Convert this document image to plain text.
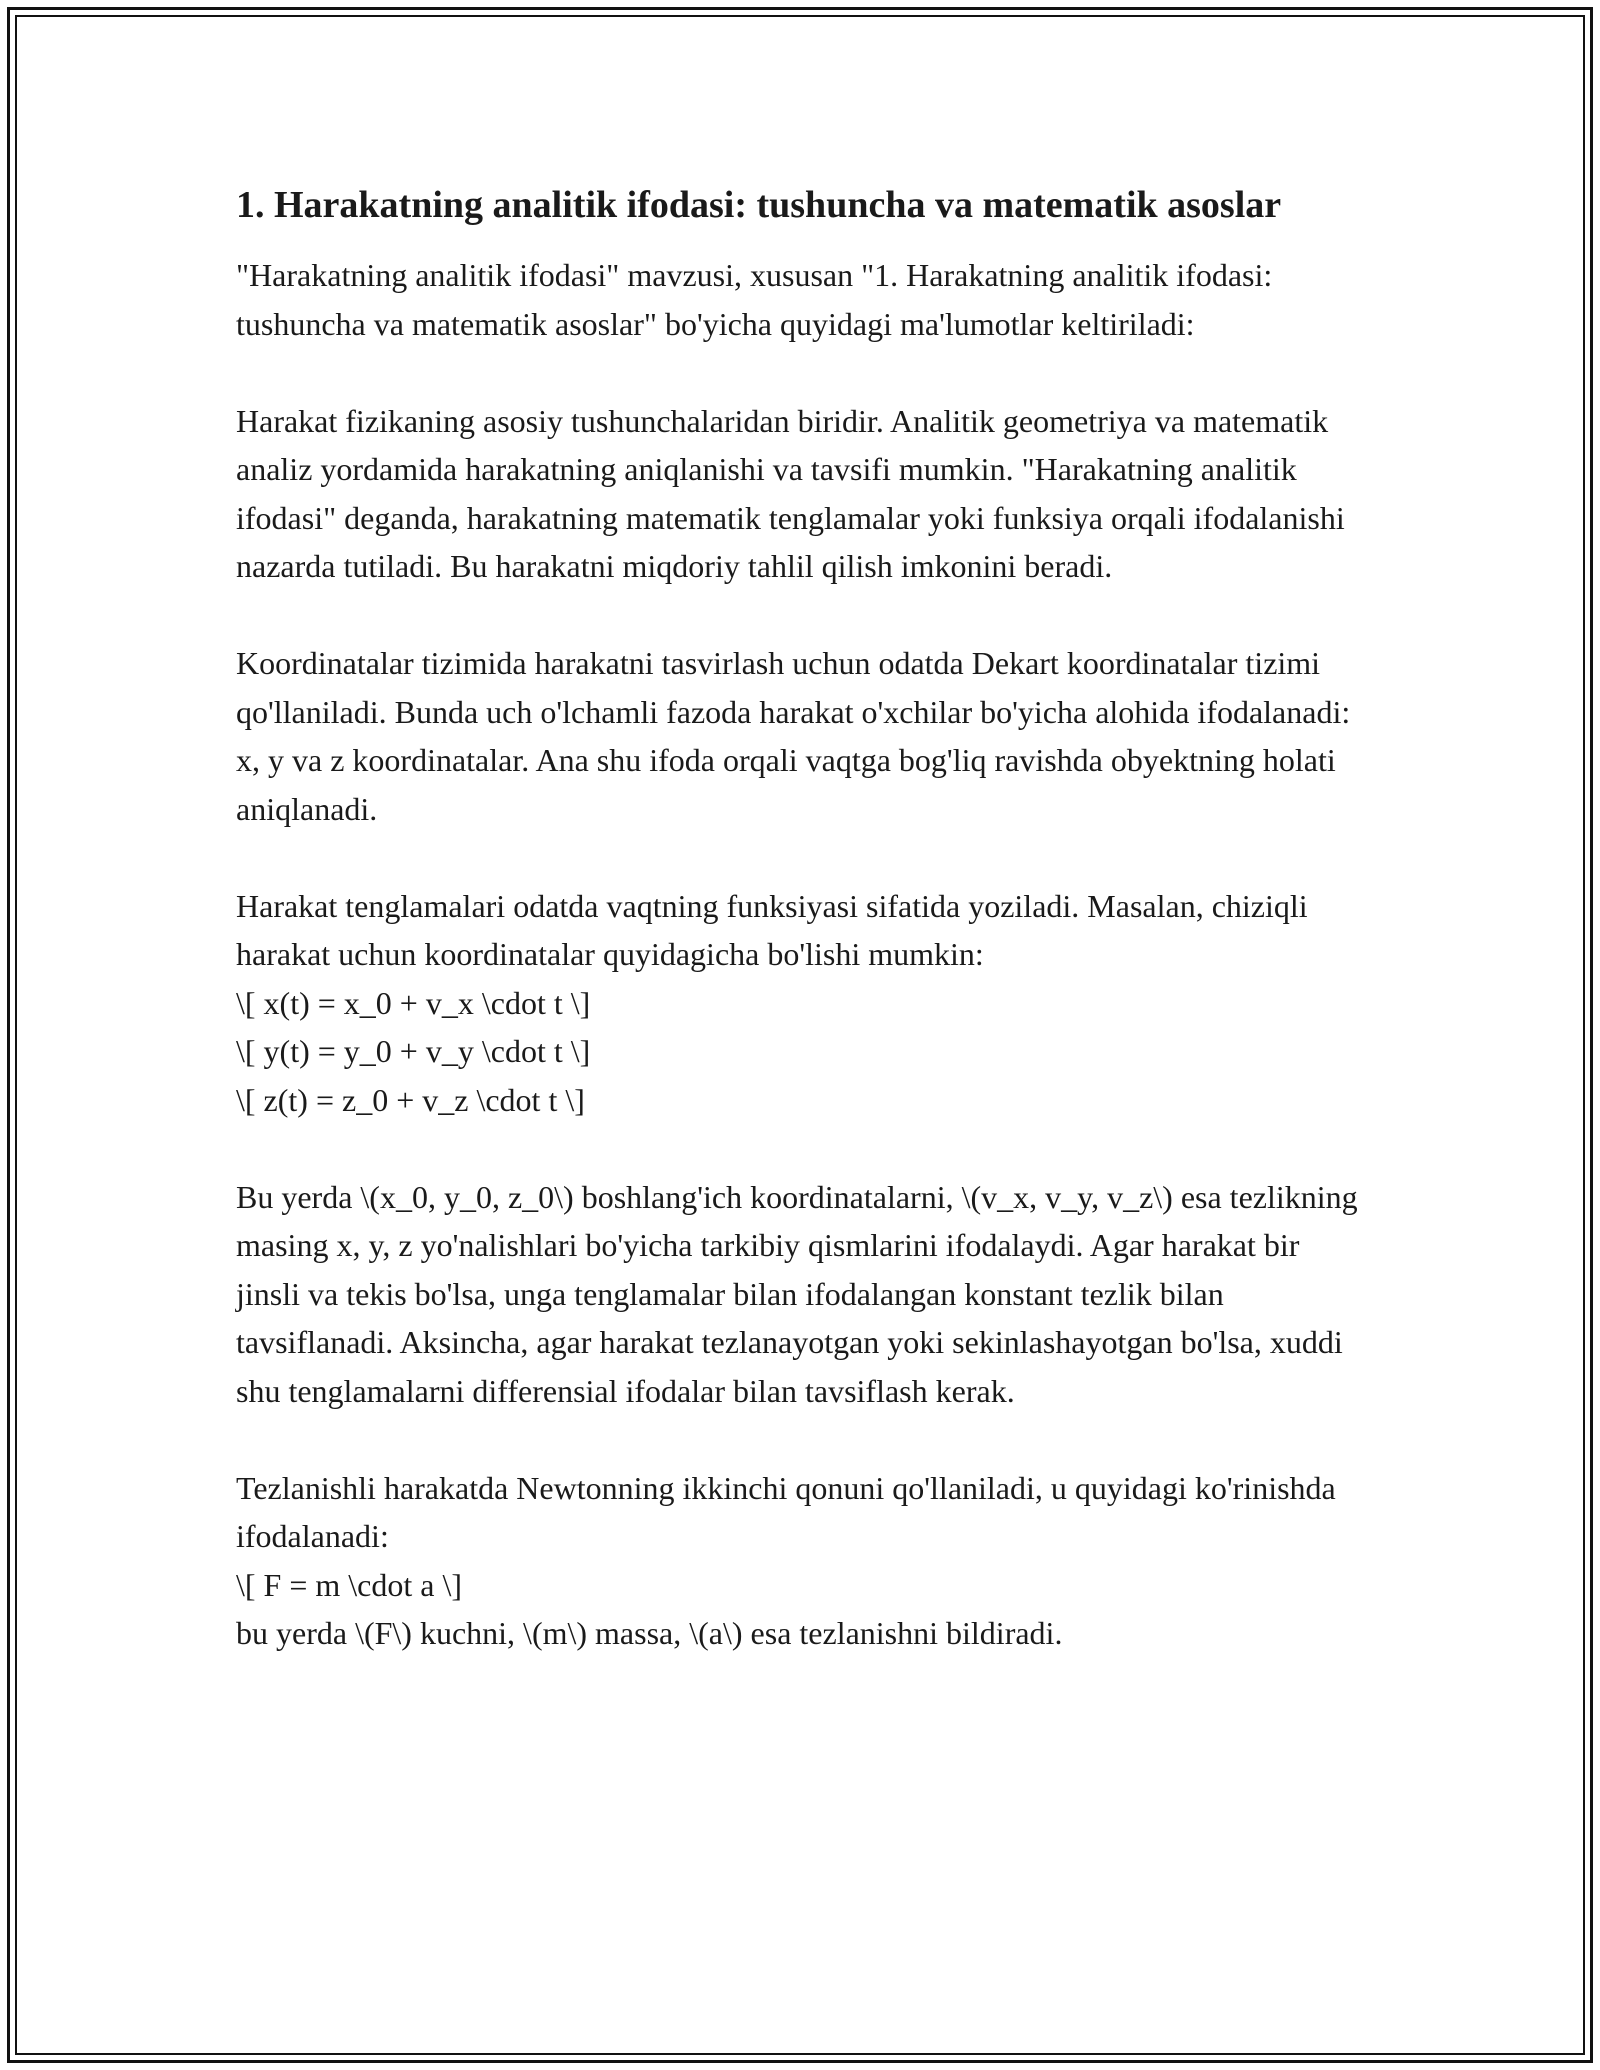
1. Harakatning analitik ifodasi: tushuncha va matematik asoslar

"Harakatning analitik ifodasi" mavzusi, xususan "1. Harakatning analitik ifodasi: tushuncha va matematik asoslar" bo'yicha quyidagi ma'lumotlar keltiriladi:

Harakat fizikaning asosiy tushunchalaridan biridir. Analitik geometriya va matematik analiz yordamida harakatning aniqlanishi va tavsifi mumkin. "Harakatning analitik ifodasi" deganda, harakatning matematik tenglamalar yoki funksiya orqali ifodalanishi nazarda tutiladi. Bu harakatni miqdoriy tahlil qilish imkonini beradi.

Koordinatalar tizimida harakatni tasvirlash uchun odatda Dekart koordinatalar tizimi qo'llaniladi. Bunda uch o'lchamli fazoda harakat o'xchilar bo'yicha alohida ifodalanadi: x, y va z koordinatalar. Ana shu ifoda orqali vaqtga bog'liq ravishda obyektning holati aniqlanadi.

Harakat tenglamalari odatda vaqtning funksiyasi sifatida yoziladi. Masalan, chiziqli harakat uchun koordinatalar quyidagicha bo'lishi mumkin:
\[ x(t) = x_0 + v_x \cdot t \]
\[ y(t) = y_0 + v_y \cdot t \]
\[ z(t) = z_0 + v_z \cdot t \]

Bu yerda \(x_0, y_0, z_0\) boshlang'ich koordinatalarni, \(v_x, v_y, v_z\) esa tezlikning masing x, y, z yo'nalishlari bo'yicha tarkibiy qismlarini ifodalaydi. Agar harakat bir jinsli va tekis bo'lsa, unga tenglamalar bilan ifodalangan konstant tezlik bilan tavsiflanadi. Aksincha, agar harakat tezlanayotgan yoki sekinlashayotgan bo'lsa, xuddi shu tenglamalarni differensial ifodalar bilan tavsiflash kerak.

Tezlanishli harakatda Newtonning ikkinchi qonuni qo'llaniladi, u quyidagi ko'rinishda ifodalanadi:
\[ F = m \cdot a \]
bu yerda \(F\) kuchni, \(m\) massa, \(a\) esa tezlanishni bildiradi.
